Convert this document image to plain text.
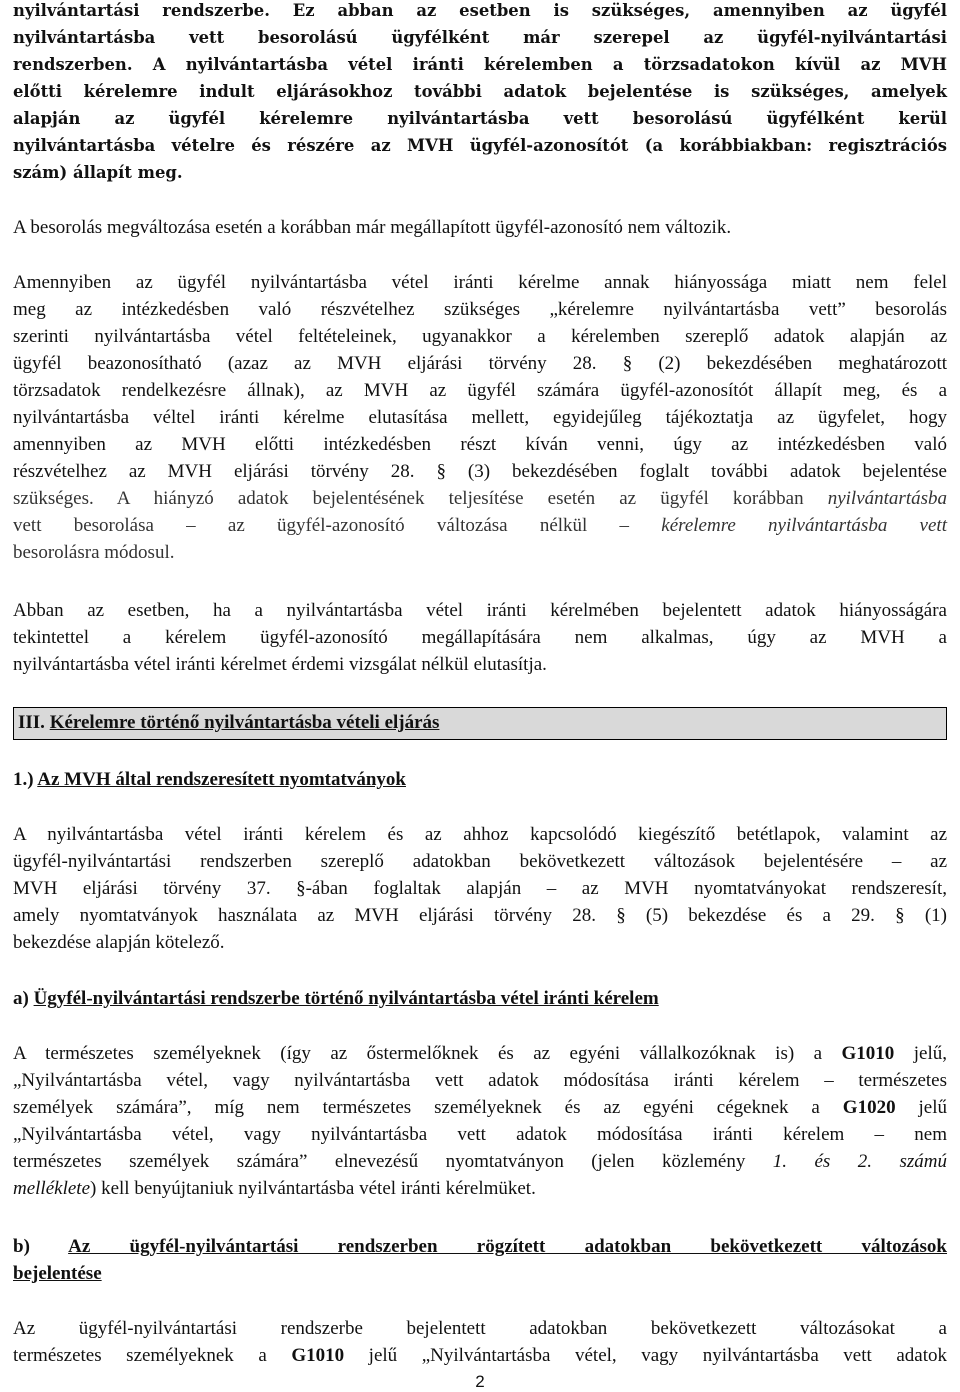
nyilvántartási rendszerbe. Ez abban az esetben is szükséges, amennyiben az ügyfél
nyilvántartásba vett besorolású ügyfélként már szerepel az ügyfél-nyilvántartási
rendszerben. A nyilvántartásba vétel iránti kérelemben a törzsadatokon kívül az MVH
előtti kérelemre indult eljárásokhoz további adatok bejelentése is szükséges, amelyek
alapján az ügyfél kérelemre nyilvántartásba vett besorolású ügyfélként kerül
nyilvántartásba vételre és részére az MVH ügyfél-azonosítót (a korábbiakban: regisztrációs
szám) állapít meg.
A besorolás megváltozása esetén a korábban már megállapított ügyfél-azonosító nem változik.
Amennyiben az ügyfél nyilvántartásba vétel iránti kérelme annak hiányossága miatt nem felel
meg az intézkedésben való részvételhez szükséges „kérelemre nyilvántartásba vett” besorolás
szerinti nyilvántartásba vétel feltételeinek, ugyanakkor a kérelemben szereplő adatok alapján az
ügyfél beazonosítható (azaz az MVH eljárási törvény 28. § (2) bekezdésében meghatározott
törzsadatok rendelkezésre állnak), az MVH az ügyfél számára ügyfél-azonosítót állapít meg, és a
nyilvántartásba véltel iránti kérelme elutasítása mellett, egyidejűleg tájékoztatja az ügyfelet, hogy
amennyiben az MVH előtti intézkedésben részt kíván venni, úgy az intézkedésben való
részvételhez az MVH eljárási törvény 28. § (3) bekezdésében foglalt további adatok bejelentése
szükséges. A hiányzó adatok bejelentésének teljesítése esetén az ügyfél korábban nyilvántartásba
vett besorolása – az ügyfél-azonosító változása nélkül – kérelemre nyilvántartásba vett
besorolásra módosul.
Abban az esetben, ha a nyilvántartásba vétel iránti kérelmében bejelentett adatok hiányosságára
tekintettel a kérelem ügyfél-azonosító megállapítására nem alkalmas, úgy az MVH a
nyilvántartásba vétel iránti kérelmet érdemi vizsgálat nélkül elutasítja.
III. Kérelemre történő nyilvántartásba vételi eljárás
1.) Az MVH által rendszeresített nyomtatványok
A nyilvántartásba vétel iránti kérelem és az ahhoz kapcsolódó kiegészítő betétlapok, valamint az
ügyfél-nyilvántartási rendszerben szereplő adatokban bekövetkezett változások bejelentésére – az
MVH eljárási törvény 37. §-ában foglaltak alapján – az MVH nyomtatványokat rendszeresít,
amely nyomtatványok használata az MVH eljárási törvény 28. § (5) bekezdése és a 29. § (1)
bekezdése alapján kötelező.
a) Ügyfél-nyilvántartási rendszerbe történő nyilvántartásba vétel iránti kérelem
A természetes személyeknek (így az őstermelőknek és az egyéni vállalkozóknak is) a G1010 jelű,
„Nyilvántartásba vétel, vagy nyilvántartásba vett adatok módosítása iránti kérelem – természetes
személyek számára”, míg nem természetes személyeknek és az egyéni cégeknek a G1020 jelű
„Nyilvántartásba vétel, vagy nyilvántartásba vett adatok módosítása iránti kérelem – nem
természetes személyek számára” elnevezésű nyomtatványon (jelen közlemény 1. és 2. számú
melléklete) kell benyújtaniuk nyilvántartásba vétel iránti kérelmüket.
b) Az ügyfél-nyilvántartási rendszerben rögzített adatokban bekövetkezett változások
bejelentése
Az ügyfél-nyilvántartási rendszerbe bejelentett adatokban bekövetkezett változásokat a
természetes személyeknek a G1010 jelű „Nyilvántartásba vétel, vagy nyilvántartásba vett adatok
2
